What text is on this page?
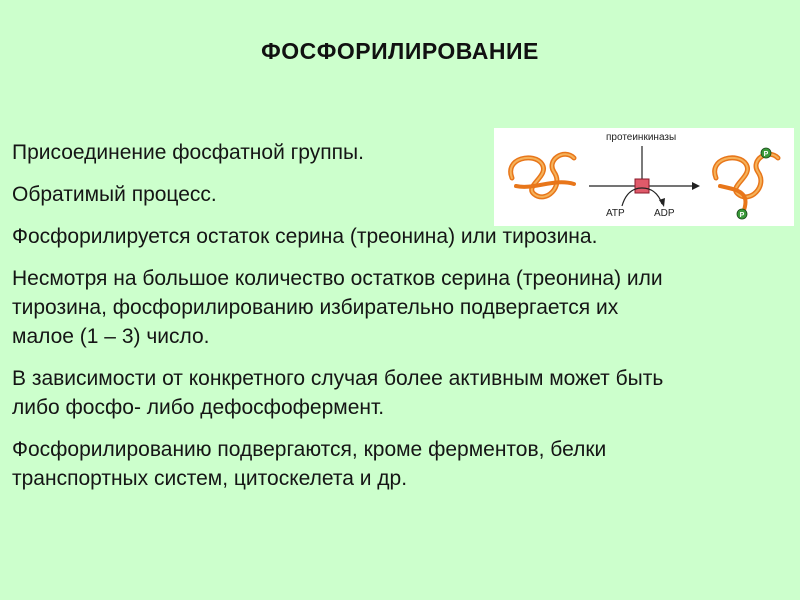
ФОСФОРИЛИРОВАНИЕ
P
P
протеинкиназы
ATP	ADP
Присоединение фосфатной группы.
Обратимый процесс.
Фосфорилируется остаток серина (треонина) или тирозина.
Несмотря на большое количество остатков серина (треонина) или тирозина, фосфорилированию избирательно подвергается их малое (1 – 3) число.
В зависимости от конкретного случая более активным может быть либо фосфо- либо дефосфофермент.
Фосфорилированию подвергаются, кроме ферментов, белки транспортных систем, цитоскелета и др.
